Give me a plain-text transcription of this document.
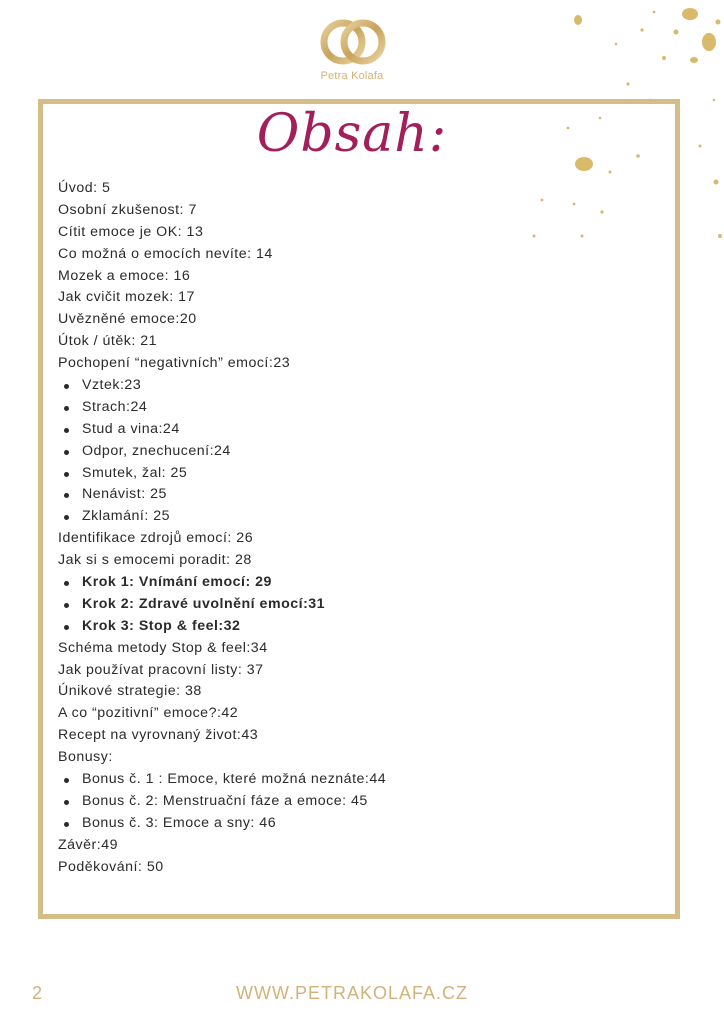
Petra Kolafa
Obsah:
Úvod: 5
Osobní zkušenost: 7
Cítit emoce je OK: 13
Co možná o emocích nevíte: 14
Mozek a emoce: 16
Jak cvičit mozek: 17
Uvězněné emoce:20
Útok / útěk: 21
Pochopení “negativních” emocí:23
Vztek:23
Strach:24
Stud a vina:24
Odpor, znechucení:24
Smutek, žal: 25
Nenávist: 25
Zklamání: 25
Identifikace zdrojů emocí: 26
Jak si s emocemi poradit: 28
Krok 1: Vnímání emocí: 29
Krok 2: Zdravé uvolnění emocí:31
Krok 3: Stop & feel:32
Schéma metody Stop & feel:34
Jak používat pracovní listy: 37
Únikové strategie: 38
A co “pozitivní” emoce?:42
Recept na vyrovnaný život:43
Bonusy:
Bonus č. 1 : Emoce, které možná neznáte:44
Bonus č. 2: Menstruační fáze a emoce: 45
Bonus č. 3: Emoce a sny: 46
Závěr:49
Poděkování: 50
2	WWW.PETRAKOLAFA.CZ
